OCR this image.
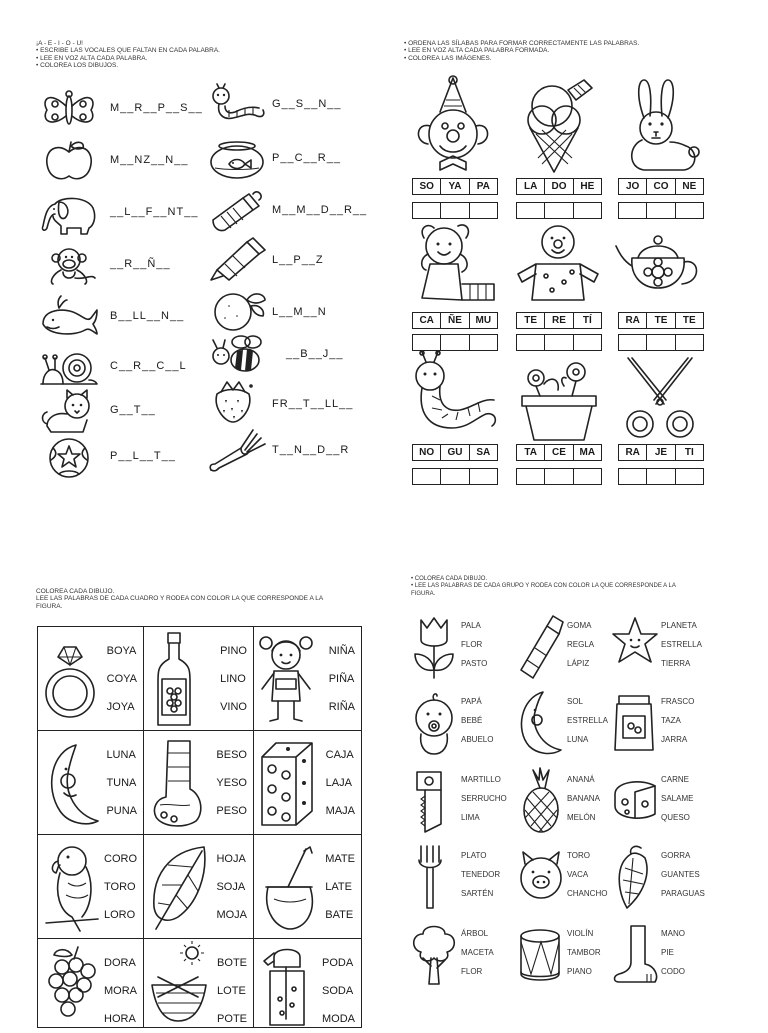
¡A - E - I - O - U!
• ESCRIBE LAS VOCALES QUE FALTAN EN CADA PALABRA.
• LEE EN VOZ ALTA CADA PALABRA.
• COLOREA LOS DIBUJOS.
M__R__P__S__
M__NZ__N__
__L__F__NT__
__R__Ñ__
B__LL__N__
C__R__C__L
G__T__
P__L__T__
G__S__N__
P__C__R__
M__M__D__R__
L__P__Z
L__M__N
__B__J__
FR__T__LL__
T__N__D__R
• ORDENA LAS SÍLABAS PARA FORMAR CORRECTAMENTE LAS PALABRAS.
• LEE EN VOZ ALTA CADA PALABRA FORMADA.
• COLOREA LAS IMÁGENES.
SO	YA	PA	LA	DO	HE	JO	CO	NE
CA	ÑE	MU	TE	RE	TÍ	RA	TE	TE
NO	GU	SA	TA	CE	MA	RA	JE	TI
COLOREA CADA DIBUJO.
LEE LAS PALABRAS DE CADA CUADRO Y RODEA CON COLOR LA QUE CORRESPONDE A LA
FIGURA.
BOYA
COYA
JOYA
PINO
LINO
VINO
NIÑA
PIÑA
RIÑA
LUNA
TUNA
PUNA
BESO
YESO
PESO
CAJA
LAJA
MAJA
CORO
TORO
LORO
HOJA
SOJA
MOJA
MATE
LATE
BATE
DORA
MORA
HORA
BOTE
LOTE
POTE
PODA
SODA
MODA
• COLOREA CADA DIBUJO.
• LEE LAS PALABRAS DE CADA GRUPO Y RODEA CON COLOR LA QUE CORRESPONDE A LA
FIGURA.
PALA
FLOR
PASTO
GOMA
REGLA
LÁPIZ
PLANETA
ESTRELLA
TIERRA
PAPÁ
BEBÉ
ABUELO
SOL
ESTRELLA
LUNA
FRASCO
TAZA
JARRA
MARTILLO
SERRUCHO
LIMA
ANANÁ
BANANA
MELÓN
CARNE
SALAME
QUESO
PLATO
TENEDOR
SARTÉN
TORO
VACA
CHANCHO
GORRA
GUANTES
PARAGUAS
ÁRBOL
MACETA
FLOR
VIOLÍN
TAMBOR
PIANO
MANO
PIE
CODO
